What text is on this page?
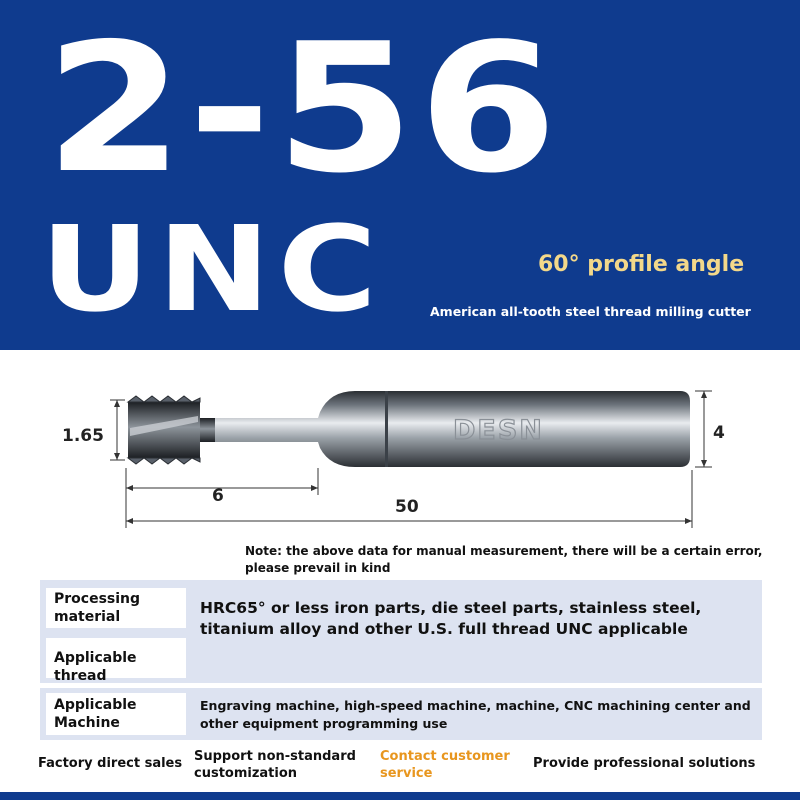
2-56
UNC	60° profile angle
American all-tooth steel thread milling cutter
DESN
1.65	4
6
50
Note: the above data for manual measurement, there will be a certain error, please prevail in kind
Processing material
Applicable thread
HRC65° or less iron parts, die steel parts, stainless steel, titanium alloy and other U.S. full thread UNC applicable
Applicable Machine
Engraving machine, high-speed machine, machine, CNC machining center and other equipment programming use
Factory direct sales Support non-standard customization
Contact customer service
Provide professional solutions
